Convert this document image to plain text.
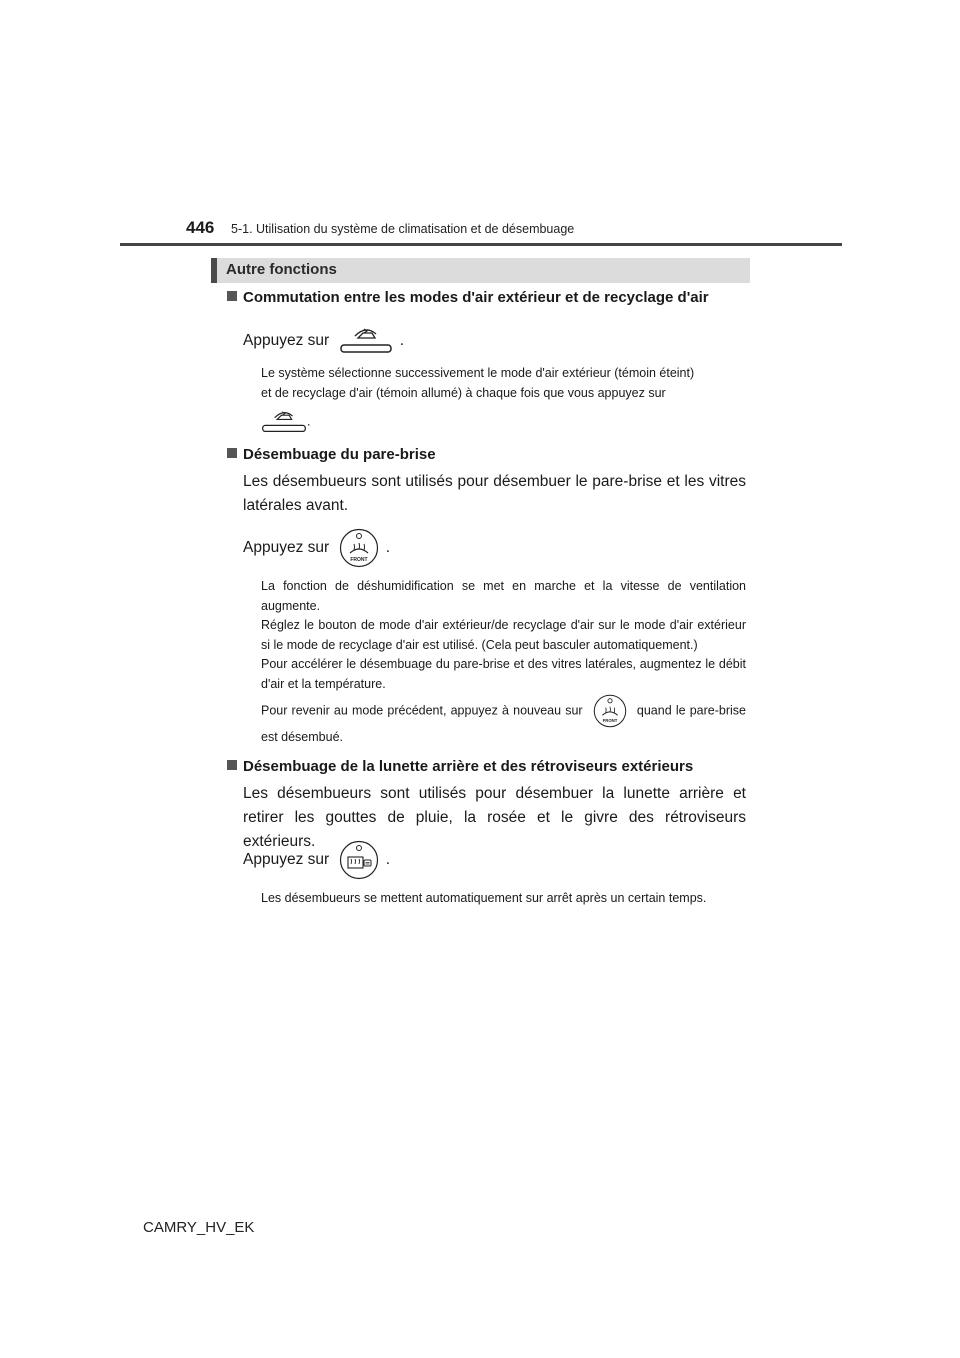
446 5-1. Utilisation du système de climatisation et de désembuage
Autre fonctions
Commutation entre les modes d'air extérieur et de recyclage d'air
Appuyez sur	.
Le système sélectionne successivement le mode d'air extérieur (témoin éteint)
et de recyclage d'air (témoin allumé) à chaque fois que vous appuyez sur
.
Désembuage du pare-brise
Les désembueurs sont utilisés pour désembuer le pare-brise et les vitres latérales avant.
Appuyez sur
FRONT
.
La fonction de déshumidification se met en marche et la vitesse de ventilation augmente.
Réglez le bouton de mode d'air extérieur/de recyclage d'air sur le mode d'air extérieur si le mode de recyclage d'air est utilisé. (Cela peut basculer automatiquement.)
Pour accélérer le désembuage du pare-brise et des vitres latérales, augmentez le débit d'air et la température.
Pour revenir au mode précédent, appuyez à nouveau sur
FRONT
quand le pare-brise est désembué.
Désembuage de la lunette arrière et des rétroviseurs extérieurs
Les désembueurs sont utilisés pour désembuer la lunette arrière et retirer les gouttes de pluie, la rosée et le givre des rétroviseurs extérieurs.
Appuyez sur	.
Les désembueurs se mettent automatiquement sur arrêt après un certain temps.
CAMRY_HV_EK
